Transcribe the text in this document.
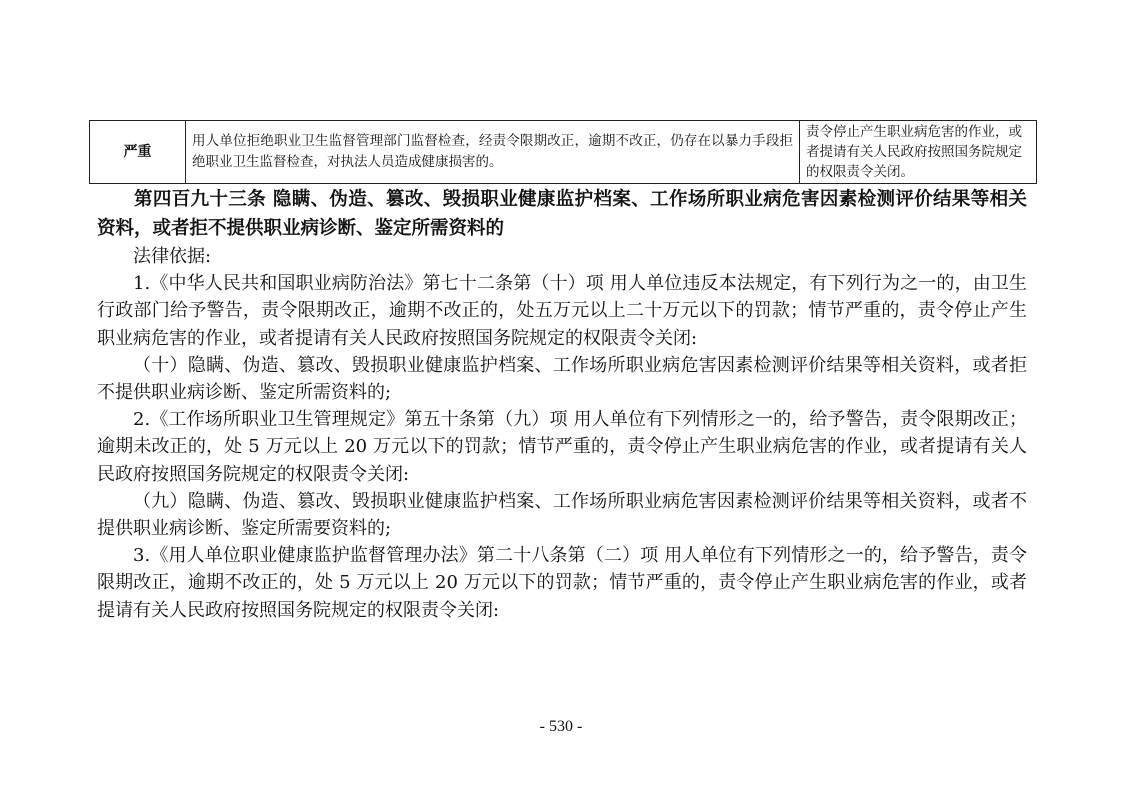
严重	用人单位拒绝职业卫生监督管理部门监督检查，经责令限期改正，逾期不改正，仍存在以暴力手段拒绝职业卫生监督检查，对执法人员造成健康损害的。	责令停止产生职业病危害的作业，或者提请有关人民政府按照国务院规定的权限责令关闭。

第四百九十三条 隐瞒、伪造、篡改、毁损职业健康监护档案、工作场所职业病危害因素检测评价结果等相关资料，或者拒不提供职业病诊断、鉴定所需资料的

法律依据:

1.《中华人民共和国职业病防治法》第七十二条第（十）项 用人单位违反本法规定，有下列行为之一的，由卫生行政部门给予警告，责令限期改正，逾期不改正的，处五万元以上二十万元以下的罚款；情节严重的，责令停止产生职业病危害的作业，或者提请有关人民政府按照国务院规定的权限责令关闭:

（十）隐瞒、伪造、篡改、毁损职业健康监护档案、工作场所职业病危害因素检测评价结果等相关资料，或者拒不提供职业病诊断、鉴定所需资料的;

2.《工作场所职业卫生管理规定》第五十条第（九）项 用人单位有下列情形之一的，给予警告，责令限期改正；逾期未改正的，处 5 万元以上 20 万元以下的罚款；情节严重的，责令停止产生职业病危害的作业，或者提请有关人民政府按照国务院规定的权限责令关闭:

（九）隐瞒、伪造、篡改、毁损职业健康监护档案、工作场所职业病危害因素检测评价结果等相关资料，或者不提供职业病诊断、鉴定所需要资料的;

3.《用人单位职业健康监护监督管理办法》第二十八条第（二）项 用人单位有下列情形之一的，给予警告，责令限期改正，逾期不改正的，处 5 万元以上 20 万元以下的罚款；情节严重的，责令停止产生职业病危害的作业，或者提请有关人民政府按照国务院规定的权限责令关闭:

- 530 -
